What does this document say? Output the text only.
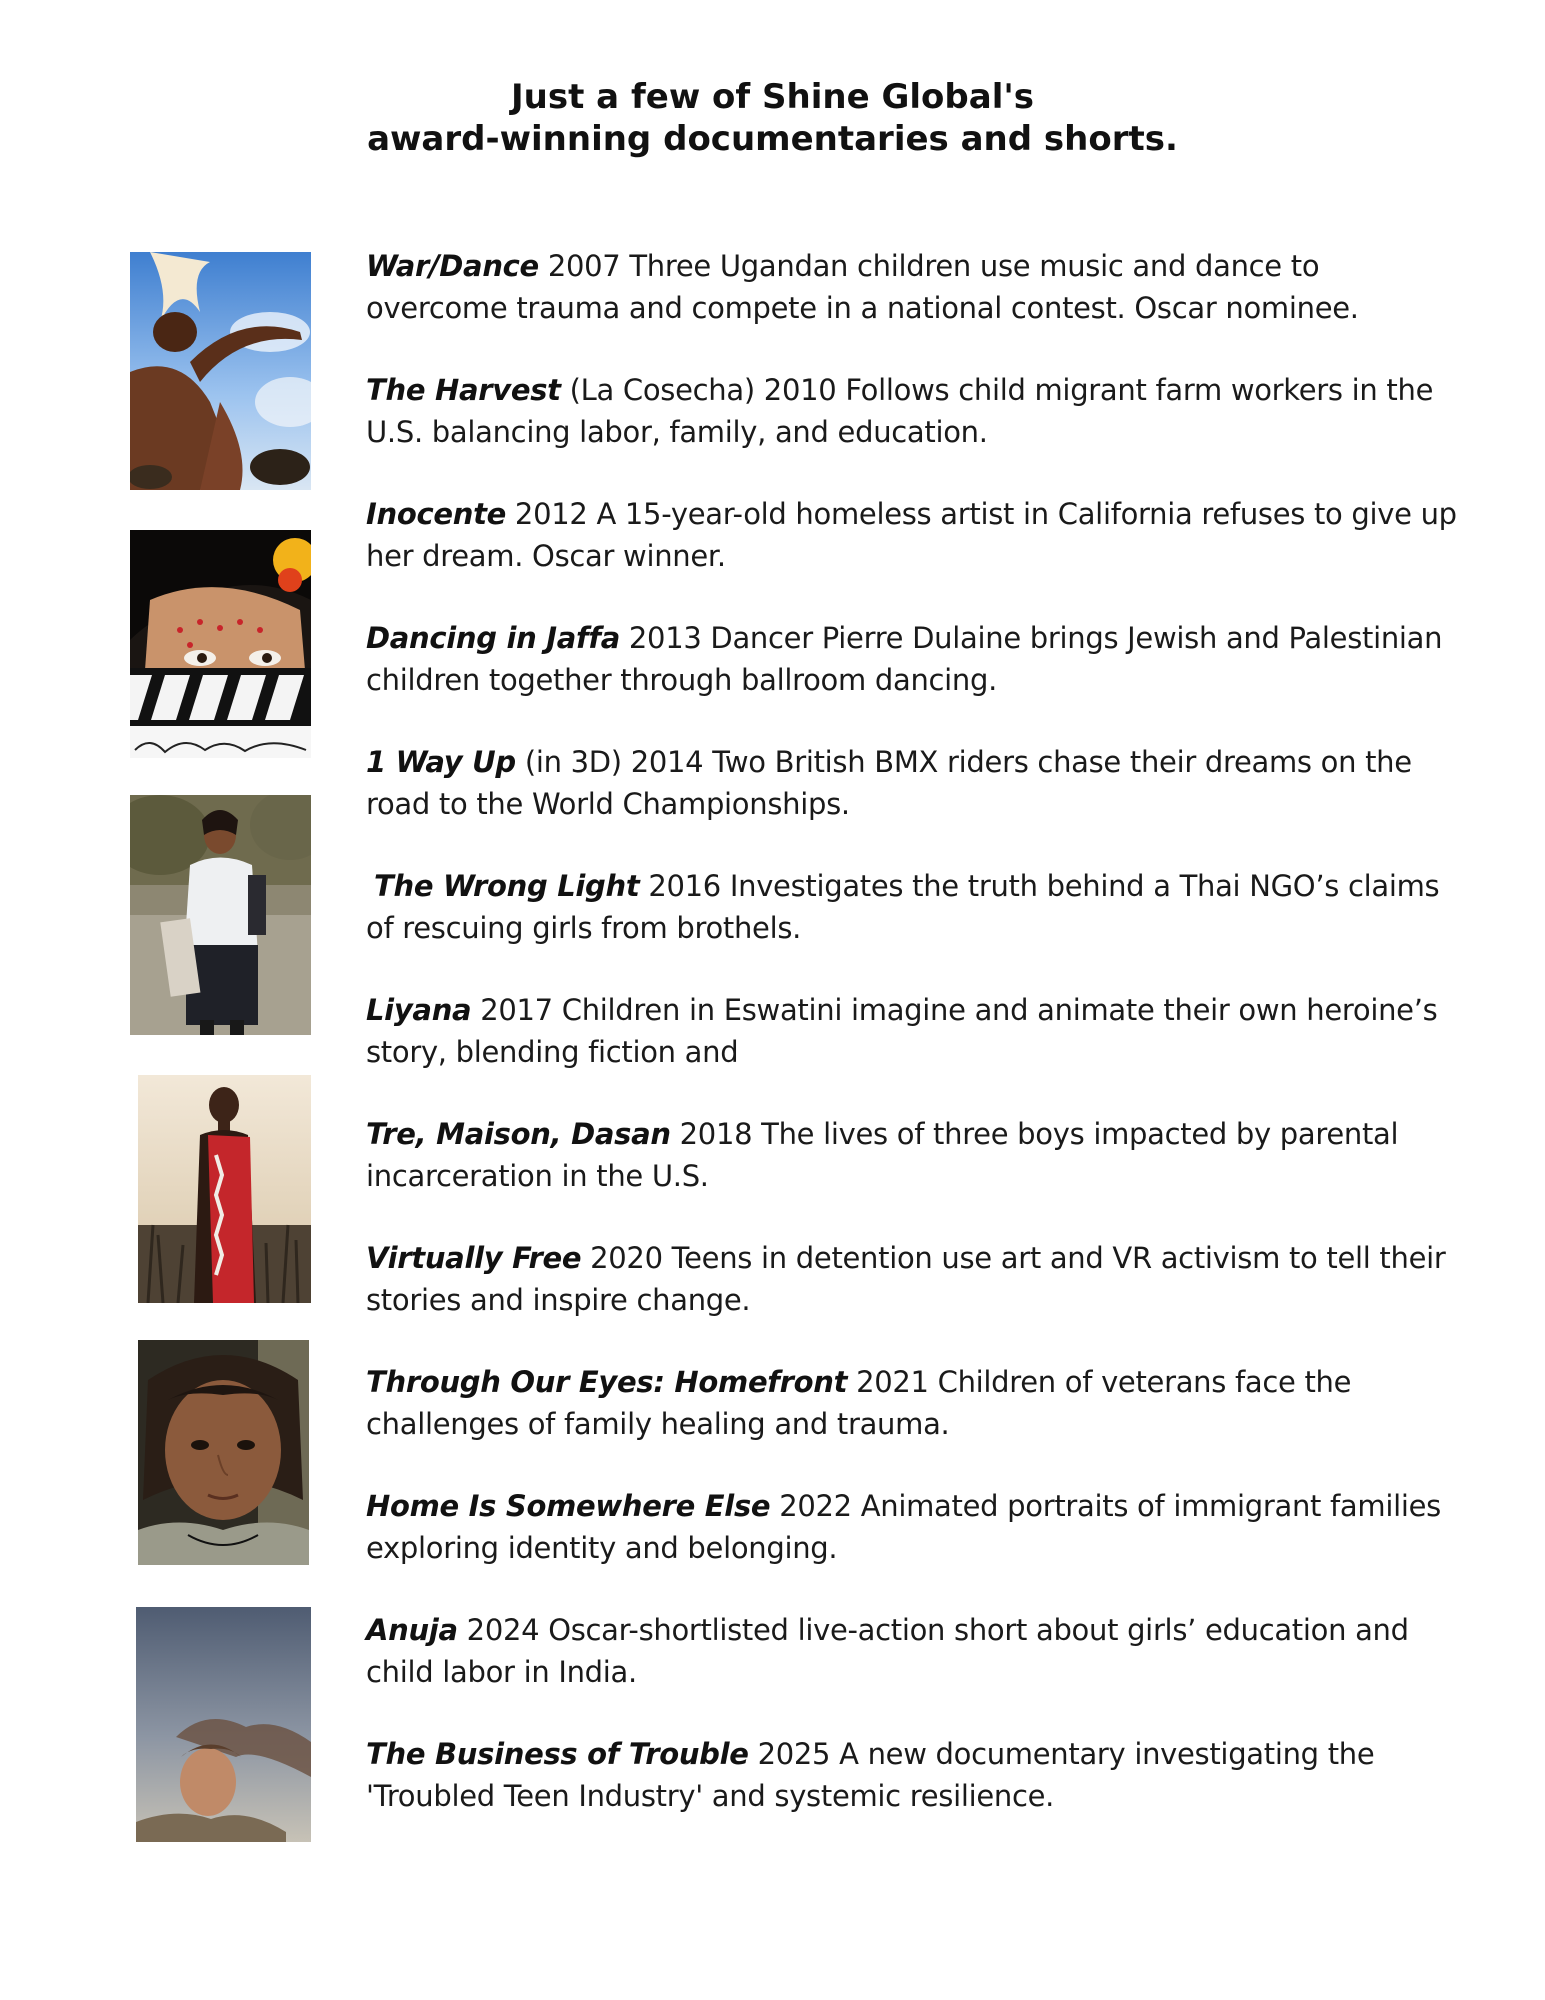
Just a few of Shine Global's
award-winning documentaries and shorts.
War/Dance 2007 Three Ugandan children use music and dance to overcome trauma and compete in a national contest. Oscar nominee.
The Harvest (La Cosecha) 2010 Follows child migrant farm workers in the U.S. balancing labor, family, and education.
Inocente 2012 A 15-year-old homeless artist in California refuses to give up her dream. Oscar winner.
Dancing in Jaffa 2013 Dancer Pierre Dulaine brings Jewish and Palestinian children together through ballroom dancing.
1 Way Up (in 3D) 2014 Two British BMX riders chase their dreams on the road to the World Championships.
The Wrong Light 2016 Investigates the truth behind a Thai NGO’s claims of rescuing girls from brothels.
Liyana 2017 Children in Eswatini imagine and animate their own heroine’s story, blending fiction and
Tre, Maison, Dasan 2018 The lives of three boys impacted by parental incarceration in the U.S.
Virtually Free 2020 Teens in detention use art and VR activism to tell their stories and inspire change.
Through Our Eyes: Homefront 2021 Children of veterans face the challenges of family healing and trauma.
Home Is Somewhere Else 2022 Animated portraits of immigrant families exploring identity and belonging.
Anuja 2024 Oscar-shortlisted live-action short about girls’ education and child labor in India.
The Business of Trouble 2025 A new documentary investigating the 'Troubled Teen Industry' and systemic resilience.
